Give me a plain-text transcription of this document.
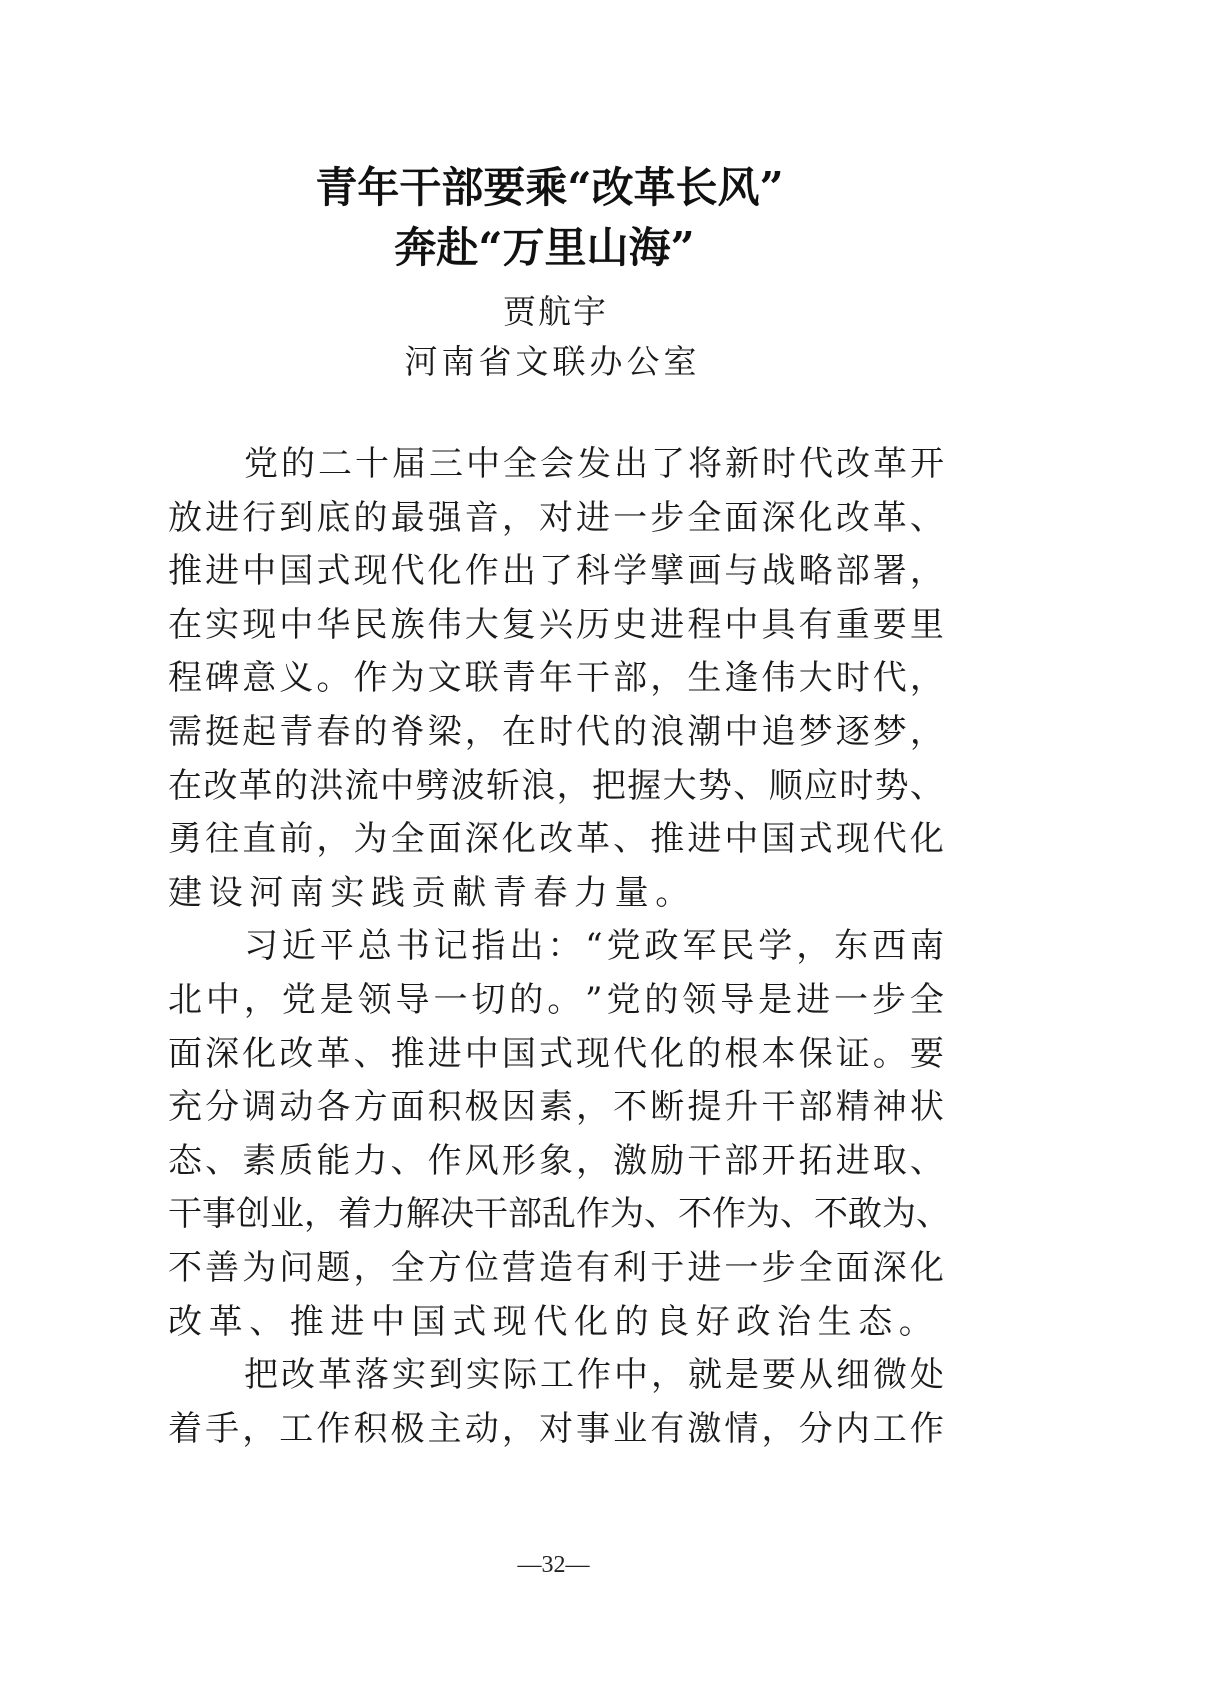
青年干部要乘“改革长风”
奔赴“万里山海”
贾航宇
河南省文联办公室
党 的 二 十 届 三 中 全 会 发 出 了 将 新 时 代 改 革 开
放 进 行 到 底 的 最 强 音 ， 对 进 一 步 全 面 深 化 改 革 、
推 进 中 国 式 现 代 化 作 出 了 科 学 擘 画 与 战 略 部 署 ，
在 实 现 中 华 民 族 伟 大 复 兴 历 史 进 程 中 具 有 重 要 里
程 碑 意 义 。 作 为 文 联 青 年 干 部 ， 生 逢 伟 大 时 代 ，
需 挺 起 青 春 的 脊 梁 ， 在 时 代 的 浪 潮 中 追 梦 逐 梦 ，
在 改 革 的 洪 流 中 劈 波 斩 浪 ， 把 握 大 势 、 顺 应 时 势 、
勇 往 直 前 ， 为 全 面 深 化 改 革 、 推 进 中 国 式 现 代 化
建设河南实践贡献青春力量。
习 近 平 总 书 记 指 出 ： “ 党 政 军 民 学 ， 东 西 南
北 中 ， 党 是 领 导 一 切 的 。 ” 党 的 领 导 是 进 一 步 全
面 深 化 改 革 、 推 进 中 国 式 现 代 化 的 根 本 保 证 。 要
充 分 调 动 各 方 面 积 极 因 素 ， 不 断 提 升 干 部 精 神 状
态 、 素 质 能 力 、 作 风 形 象 ， 激 励 干 部 开 拓 进 取 、
干 事 创 业 ， 着 力 解 决 干 部 乱 作 为 、 不 作 为 、 不 敢 为 、
不 善 为 问 题 ， 全 方 位 营 造 有 利 于 进 一 步 全 面 深 化
改革、推进中国式现代化的良好政治生态。
把 改 革 落 实 到 实 际 工 作 中 ， 就 是 要 从 细 微 处
着 手 ， 工 作 积 极 主 动 ， 对 事 业 有 激 情 ， 分 内 工 作
—32—
